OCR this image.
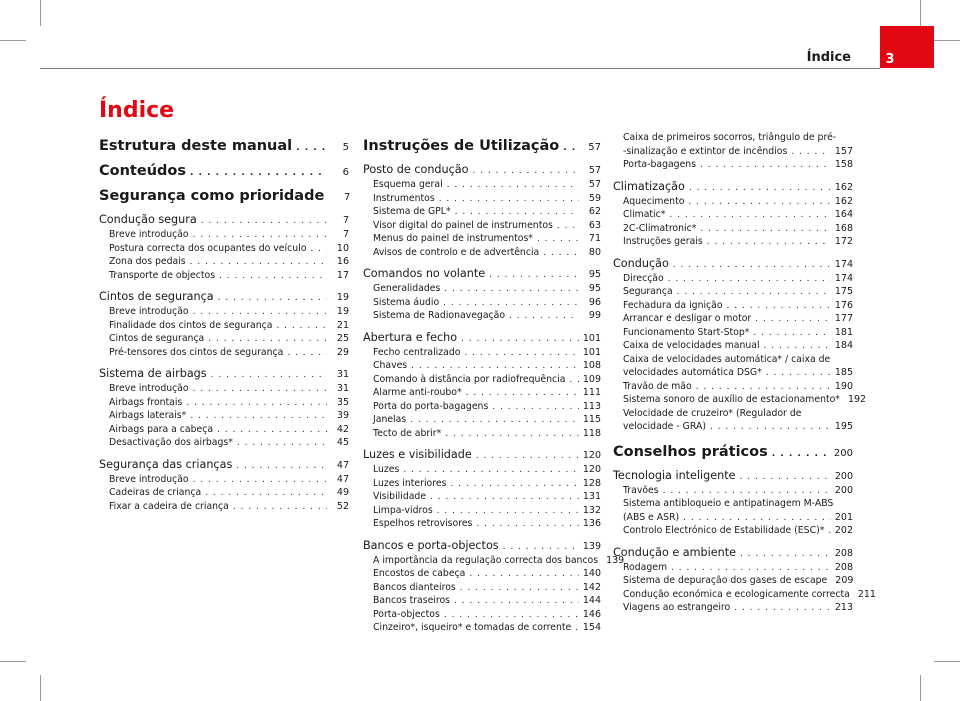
Índice	3
Índice
Estrutura deste manual . . .	5
Conteúdos . . .	6
Segurança como prioridade	7
Condução segura . . .	7
Breve introdução . . .	7
Postura correcta dos ocupantes do veículo . . .	10
Zona dos pedais . . .	16
Transporte de objectos . . .	17
Cintos de segurança . . .	19
Breve introdução . . .	19
Finalidade dos cintos de segurança . . .	21
Cintos de segurança . . .	25
Pré-tensores dos cintos de segurança . . .	29
Sistema de airbags . . .	31
Breve introdução . . .	31
Airbags frontais . . .	35
Airbags laterais* . . .	39
Airbags para a cabeça . . .	42
Desactivação dos airbags* . . .	45
Segurança das crianças . . .	47
Breve introdução . . .	47
Cadeiras de criança . . .	49
Fixar a cadeira de criança . . .	52
Instruções de Utilização . . .	57
Posto de condução . . .	57
Esquema geral . . .	57
Instrumentos . . .	59
Sistema de GPL* . . .	62
Visor digital do painel de instrumentos . . .	63
Menus do painel de instrumentos* . . .	71
Avisos de controlo e de advertência . . .	80
Comandos no volante . . .	95
Generalidades . . .	95
Sistema áudio . . .	96
Sistema de Radionavegação . . .	99
Abertura e fecho . . .	101
Fecho centralizado . . .	101
Chaves . . .	108
Comando à distância por radiofrequência . . . 109
Alarme anti-roubo* . . .	111
Porta do porta-bagagens . . .	113
Janelas . . .	115
Tecto de abrir* . . .	118
Luzes e visibilidade . . .	120
Luzes . . .	120
Luzes interiores . . .	128
Visibilidade . . .	131
Limpa-vidros . . .	132
Espelhos retrovisores . . .	136
Bancos e porta-objectos . . .	139
A importância da regulação correcta dos bancos 139
Encostos de cabeça . . .	140
Bancos dianteiros . . .	142
Bancos traseiros . . .	144
Porta-objectos . . .	146
Cinzeiro*, isqueiro* e tomadas de corrente . . . 154
Caixa de primeiros socorros, triângulo de pré-
-sinalização e extintor de incêndios . . .	157
Porta-bagagens . . .	158
Climatização . . .	162
Aquecimento . . .	162
Climatic* . . .	164
2C-Climatronic* . . .	168
Instruções gerais . . .	172
Condução . . .	174
Direcção . . .	174
Segurança . . .	175
Fechadura da ignição . . .	176
Arrancar e desligar o motor . . .	177
Funcionamento Start-Stop* . . .	181
Caixa de velocidades manual . . .	184
Caixa de velocidades automática* / caixa de
velocidades automática DSG* . . .	185
Travão de mão . . .	190
Sistema sonoro de auxílio de estacionamento* 192
Velocidade de cruzeiro* (Regulador de
velocidade - GRA) . . .	195
Conselhos práticos . . .	200
Tecnologia inteligente . . .	200
Travões . . .	200
Sistema antibloqueio e antipatinagem M-ABS
(ABS e ASR) . . .	201
Controlo Electrónico de Estabilidade (ESC)* . . . 202
Condução e ambiente . . .	208
Rodagem . . .	208
Sistema de depuração dos gases de escape 209
Condução económica e ecologicamente correcta 211
Viagens ao estrangeiro . . .	213
